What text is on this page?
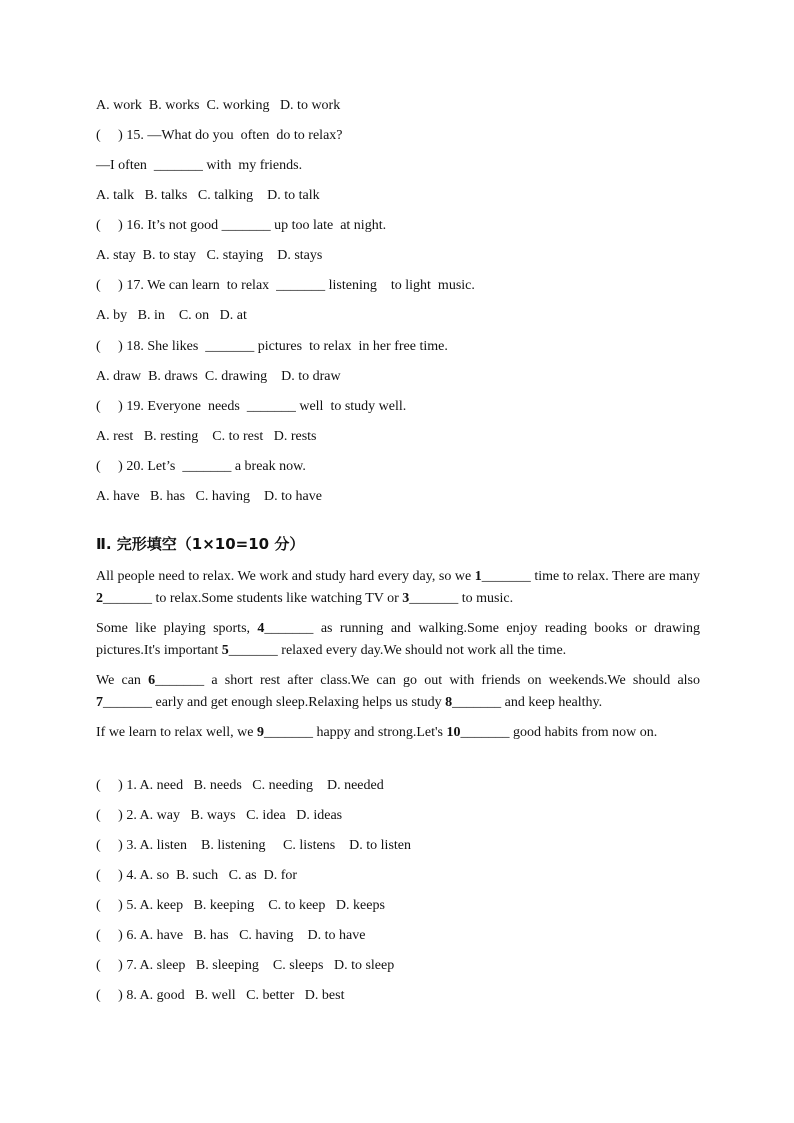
A. work  B. works  C. working   D. to work
(     ) 15. —What do you  often  do to relax?
—I often  _______ with  my friends.
A. talk   B. talks   C. talking    D. to talk
(     ) 16. It’s not good _______ up too late  at night.
A. stay  B. to stay   C. staying    D. stays
(     ) 17. We can learn  to relax  _______ listening    to light  music.
A. by   B. in    C. on   D. at
(     ) 18. She likes  _______ pictures  to relax  in her free time.
A. draw  B. draws  C. drawing    D. to draw
(     ) 19. Everyone  needs  _______ well  to study well.
A. rest   B. resting    C. to rest   D. rests
(     ) 20. Let’s  _______ a break now.
A. have   B. has   C. having    D. to have
Ⅱ. 完形填空（1×10=10 分）
All people need to relax. We work and study hard every day, so we 1_______ time to relax. There are many 2_______ to relax.Some students like watching TV or 3_______ to music.
Some like playing sports, 4_______ as running and walking.Some enjoy reading books or drawing pictures.It's important 5_______ relaxed every day.We should not work all the time.
We can 6_______ a short rest after class.We can go out with friends on weekends.We should also 7_______ early and get enough sleep.Relaxing helps us study 8_______ and keep healthy.
If we learn to relax well, we 9_______ happy and strong.Let's 10_______ good habits from now on.
(     ) 1. A. need   B. needs   C. needing    D. needed
(     ) 2. A. way   B. ways   C. idea   D. ideas
(     ) 3. A. listen    B. listening     C. listens    D. to listen
(     ) 4. A. so  B. such   C. as  D. for
(     ) 5. A. keep   B. keeping    C. to keep   D. keeps
(     ) 6. A. have   B. has   C. having    D. to have
(     ) 7. A. sleep   B. sleeping    C. sleeps   D. to sleep
(     ) 8. A. good   B. well   C. better   D. best
